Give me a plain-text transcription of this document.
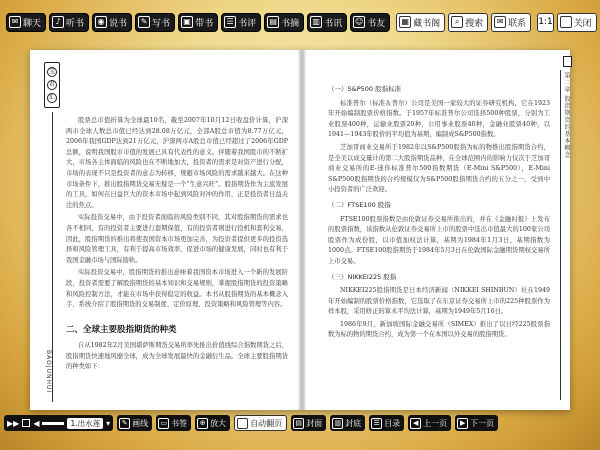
✉ 聊天	♪ 听书	◉ 说书	✎ 写书 ▣ 带书	☰ 书评 ▤ 书摘 ▥ 书讯 ☺ 书友 ▦ 藏书阁	⌕ 搜索	✉ 联系 1:1 关闭
宝
君
汇
BAOJUNHUI

股票总市值折算为全球最10名，截至2007年10月12日收盘价计算，沪深两市全球人数总市值已经达到28.08万亿元，全部A股总市值为8.77万亿元，2006年我国GDP达到21万亿元，沪深两市A股总市值已经超过了2006年GDP总额，说明我国股市市值的发展已具有代表性的意义。伴随着我国股市的不断扩大，市场各主体面临的风险也在不断地加大，投资者的需求是对资产进行分配，市场的表现不只是投资者的意志为转移，规避市场风险的需求越来越大。在这种市场条件下，推出股指期货交易无疑是一个“生意兴旺”。股指期货作为主流发展的工具，如何在日益巨大的资本市场中起到风险对冲的作用，正是投资者日益关注的焦点。

实际投资交易中，由于投资者面临的风险类别不同，其对股指期货的需求也各不相同，有的投资者主要进行套期保值，有的投资者则进行投机和套利交易，因此，股指期货的推出将使我国资本市场更加完善，为投资者提供更多的投资选择和风险管理工具，有利于提高市场效率，促进市场的健康发展，同时也有利于我国金融市场与国际接轨。

实际投资交易中，股指期货的推出意味着我国资本市场进入一个新的发展阶段，投资者需要了解股指期货的基本知识和交易规则，掌握股指期货的投资策略和风险控制方法，才能在市场中获得稳定的收益。本书从股指期货的基本概念入手，系统介绍了股指期货的交易制度、定价原理、投资策略和风险管理等内容。

二、全球主要股指期货的种类

自从1982年2月美国堪萨斯期货交易所率先推出价值线综合指数期货之后，股指期货快速地风靡全球，成为全球发展最快的金融衍生品。全球主要股指期货的种类如下：

第二章 股指期货的基本概念
（一）S&P500 股指标准

标准普尔（标准＆普尔）公司是美国一家较大的证券研究机构，它在1923年开始编制股票价格指数。于1957年标准普尔公司选择500种股票，分别为工业股票400种，运输业股票20种，公用事业股票40种，金融业股票40种，以1941—1943年股价的平均值为基期，编制成S&P500指数。

芝加哥商业交易所于1982年以S&P500股指为标的物推出股指期货合约，是全美以成交量计的第二大股指期货品种，在全球范围内的影响力仅次于芝加哥商业交易所的E-迷你标准普尔500指数期货（E-Mini S&P500），E-Mini S&P500股指期货的合约规模仅为S&P500股指期货合约的五分之一，受到中小投资者的广泛欢迎。

（二）FTSE100 股指

FTSE100股票指数是由伦敦证券交易所推出的，并在《金融时报》上发布的股票指数，该指数从伦敦证券交易所上市的股票中选出市值最大的100家公司股票作为成份股，以市值加权法计算，基期为1984年1月3日，基期指数为1000点。FTSE100股指期货于1984年5月3日在伦敦国际金融期货期权交易所上市交易。

（三）NIKKEI225 股指

NIKKEI225股指期货是日本经济新闻（NIKKEI SHINBUN）社在1949年开始编制的股票价格指数，它选取了在东京证券交易所上市的225种股票作为样本股，采用修正的算术平均法计算，基期为1949年5月16日。

1986年9月，新加坡国际金融交易所（SIMEX）推出了以日经225股票指数为标的物的期货合约，成为第一个在本国以外交易的股指期货。

▶▶ ◀	1.出水莲 ▾	✎ 画线	▭ 书签	⊕ 放大	自动翻页	▤ 封面	▥ 封底	☰ 目录	◀ 上一页	▶ 下一页
